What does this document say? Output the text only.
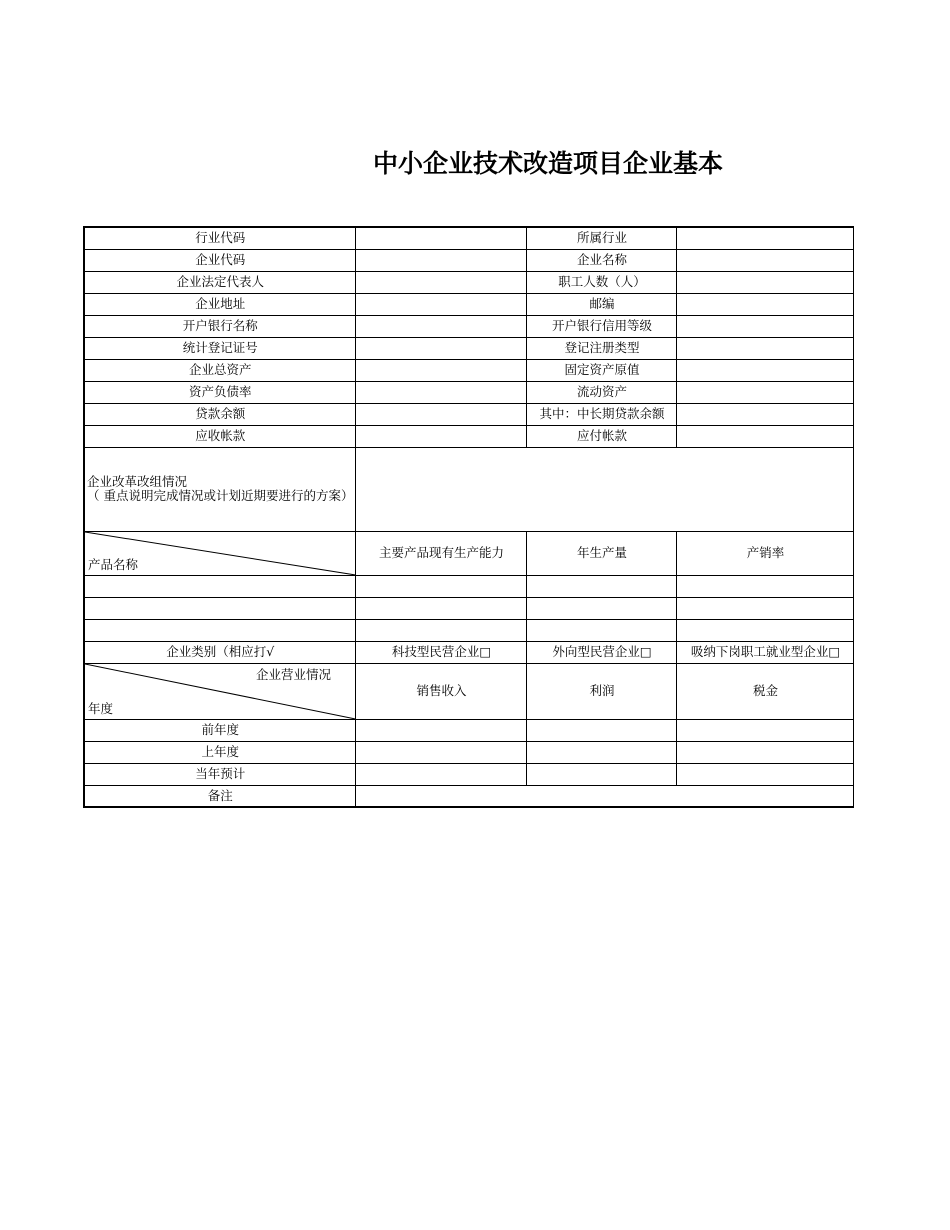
中小企业技术改造项目企业基本
行业代码		所属行业	
企业代码		企业名称	
企业法定代表人		职工人数（人）	
企业地址		邮编	
开户银行名称		开户银行信用等级	
统计登记证号		登记注册类型	
企业总资产		固定资产原值	
资产负债率		流动资产	
贷款余额		其中：中长期贷款余额	
应收帐款		应付帐款	

企业改革改组情况
（ 重点说明完成情况或计划近期要进行的方案）			

产品名称	主要产品现有生产能力	年生产量	产销率

企业类别（相应打√	科技型民营企业□	外向型民营企业□	吸纳下岗职工就业型企业□

企业营业情况
年度	销售收入	利润	税金
前年度			
上年度			
当年预计			
备注			
